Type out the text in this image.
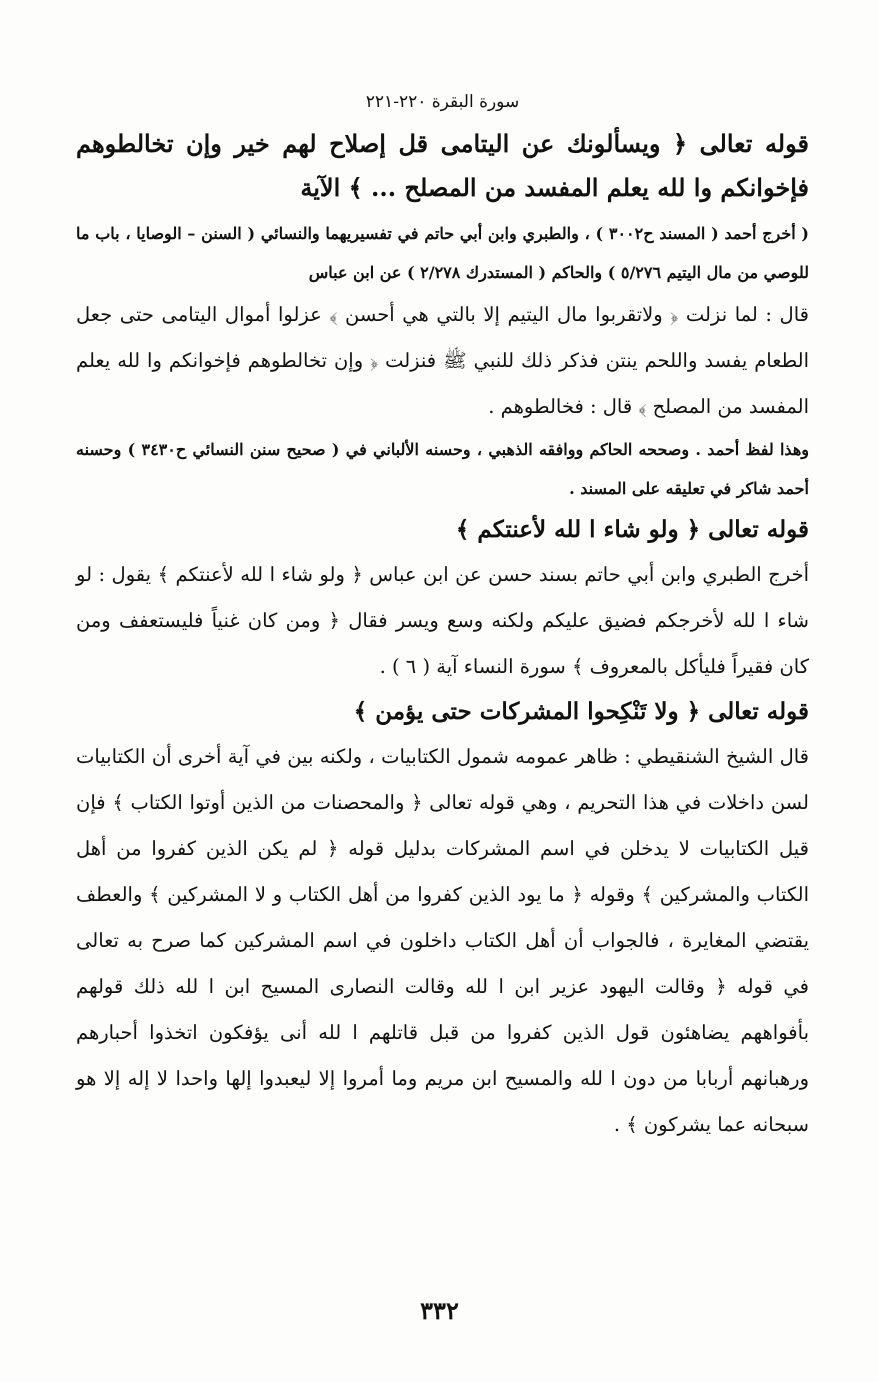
سورة البقرة ٢٢٠-٢٢١

قوله تعالى ﴿ ويسألونك عن اليتامى قل إصلاح لهم خير وإن تخالطوهم فإخوانكم وا لله يعلم المفسد من المصلح ... ﴾ الآية

( أخرج أحمد ( المسند ح٣٠٠٢ ) ، والطبري وابن أبي حاتم في تفسيريهما والنسائي ( السنن – الوصايا ، باب ما للوصي من مال اليتيم ٥/٢٧٦ ) والحاكم ( المستدرك ٢/٢٧٨ ) عن ابن عباس

قال : لما نزلت ﴿ ولاتقربوا مال اليتيم إلا بالتي هي أحسن ﴾ عزلوا أموال اليتامى حتى جعل الطعام يفسد واللحم ينتن فذكر ذلك للنبي ﷺ فنزلت ﴿ وإن تخالطوهم فإخوانكم وا لله يعلم المفسد من المصلح ﴾ قال : فخالطوهم .

وهذا لفظ أحمد . وصححه الحاكم ووافقه الذهبي ، وحسنه الألباني في ( صحيح سنن النسائي ح٣٤٣٠ ) وحسنه أحمد شاكر في تعليقه على المسند .

قوله تعالى ﴿ ولو شاء ا لله لأعنتكم ﴾

أخرج الطبري وابن أبي حاتم بسند حسن عن ابن عباس ﴿ ولو شاء ا لله لأعنتكم ﴾ يقول : لو شاء ا لله لأخرجكم فضيق عليكم ولكنه وسع ويسر فقال ﴿ ومن كان غنياً فليستعفف ومن كان فقيراً فليأكل بالمعروف ﴾ سورة النساء آية ( ٦ ) .

قوله تعالى ﴿ ولا تَنْكِحوا المشركات حتى يؤمن ﴾

قال الشيخ الشنقيطي : ظاهر عمومه شمول الكتابيات ، ولكنه بين في آية أخرى أن الكتابيات لسن داخلات في هذا التحريم ، وهي قوله تعالى ﴿ والمحصنات من الذين أوتوا الكتاب ﴾ فإن قيل الكتابيات لا يدخلن في اسم المشركات بدليل قوله ﴿ لم يكن الذين كفروا من أهل الكتاب والمشركين ﴾ وقوله ﴿ ما يود الذين كفروا من أهل الكتاب و لا المشركين ﴾ والعطف يقتضي المغايرة ، فالجواب أن أهل الكتاب داخلون في اسم المشركين كما صرح به تعالى في قوله ﴿ وقالت اليهود عزير ابن ا لله وقالت النصارى المسيح ابن ا لله ذلك قولهم بأفواههم يضاهئون قول الذين كفروا من قبل قاتلهم ا لله أنى يؤفكون اتخذوا أحبارهم ورهبانهم أربابا من دون ا لله والمسيح ابن مريم وما أمروا إلا ليعبدوا إلها واحدا لا إله إلا هو سبحانه عما يشركون ﴾ .

٣٣٢
